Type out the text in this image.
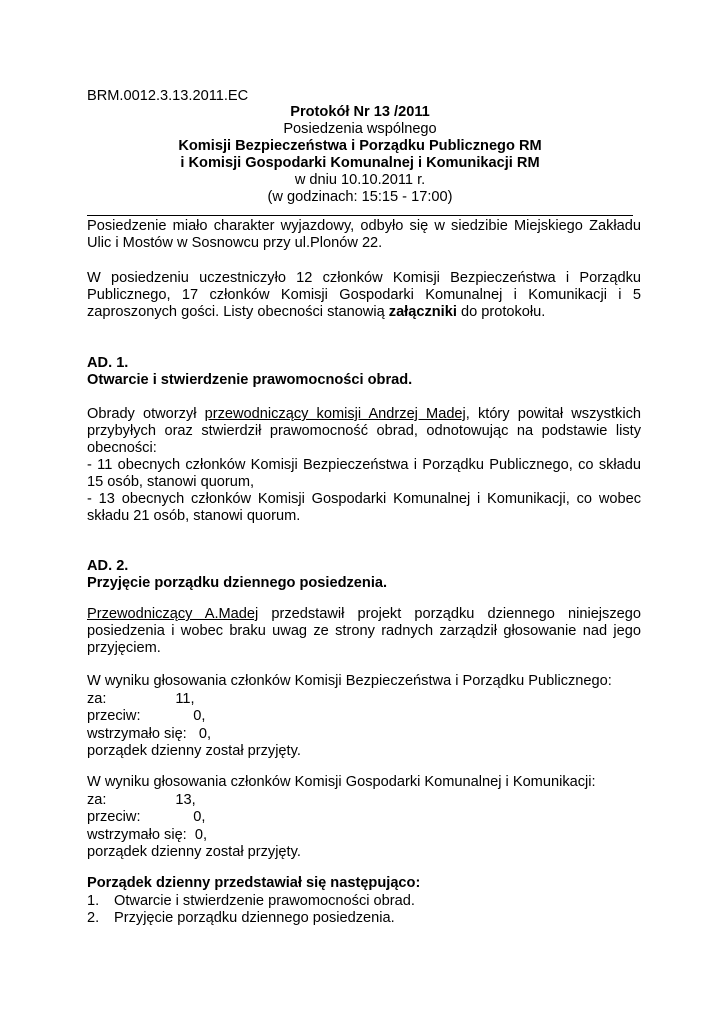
BRM.0012.3.13.2011.EC
Protokół Nr 13 /2011
Posiedzenia wspólnego
Komisji Bezpieczeństwa i Porządku Publicznego RM
i Komisji Gospodarki Komunalnej i Komunikacji RM
w dniu 10.10.2011 r.
(w godzinach: 15:15 - 17:00)
Posiedzenie miało charakter wyjazdowy, odbyło się w siedzibie Miejskiego Zakładu
Ulic i Mostów w Sosnowcu przy ul.Plonów 22.
W posiedzeniu uczestniczyło 12 członków Komisji Bezpieczeństwa i Porządku
Publicznego, 17 członków Komisji Gospodarki Komunalnej i Komunikacji i 5
zaproszonych gości. Listy obecności stanowią załączniki do protokołu.
AD. 1.
Otwarcie i stwierdzenie prawomocności obrad.
Obrady otworzył przewodniczący komisji Andrzej Madej, który powitał wszystkich
przybyłych oraz stwierdził prawomocność obrad, odnotowując na podstawie listy
obecności:
- 11 obecnych członków Komisji Bezpieczeństwa i Porządku Publicznego, co składu
15 osób, stanowi quorum,
- 13 obecnych członków Komisji Gospodarki Komunalnej i Komunikacji, co wobec
składu 21 osób, stanowi quorum.
AD. 2.
Przyjęcie porządku dziennego posiedzenia.
Przewodniczący A.Madej przedstawił projekt porządku dziennego niniejszego
posiedzenia i wobec braku uwag ze strony radnych zarządził głosowanie nad jego
przyjęciem.
W wyniku głosowania członków Komisji Bezpieczeństwa i Porządku Publicznego:
za:                 11,
przeciw:             0,
wstrzymało się:   0,
porządek dzienny został przyjęty.
W wyniku głosowania członków Komisji Gospodarki Komunalnej i Komunikacji:
za:                 13,
przeciw:             0,
wstrzymało się:  0,
porządek dzienny został przyjęty.
Porządek dzienny przedstawiał się następująco:
1. Otwarcie i stwierdzenie prawomocności obrad.
2. Przyjęcie porządku dziennego posiedzenia.
